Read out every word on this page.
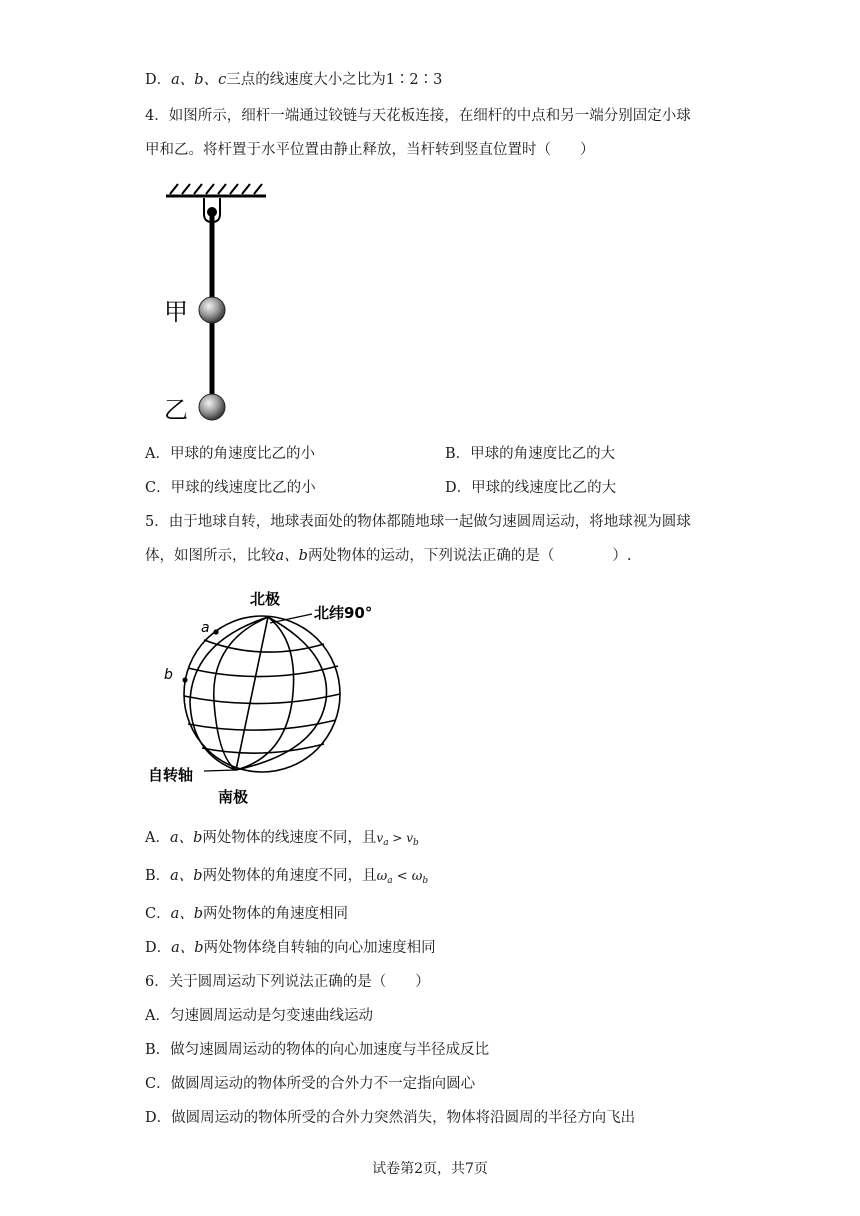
D．a、b、c三点的线速度大小之比为1∶2∶3
4．如图所示，细杆一端通过铰链与天花板连接，在细杆的中点和另一端分别固定小球
甲和乙。将杆置于水平位置由静止释放，当杆转到竖直位置时（　　）
甲
乙
A．甲球的角速度比乙的小	B．甲球的角速度比乙的大
C．甲球的线速度比乙的小	D．甲球的线速度比乙的大
5．由于地球自转，地球表面处的物体都随地球一起做匀速圆周运动，将地球视为圆球
体，如图所示，比较a、b两处物体的运动，下列说法正确的是（　　　　）.
北极
北纬90°
a
b
自转轴
南极
A．a、b两处物体的线速度不同，且$v_a > v_b$
B．a、b两处物体的角速度不同，且$\omega_a < \omega_b$
C．a、b两处物体的角速度相同
D．a、b两处物体绕自转轴的向心加速度相同
6．关于圆周运动下列说法正确的是（　　）
A．匀速圆周运动是匀变速曲线运动
B．做匀速圆周运动的物体的向心加速度与半径成反比
C．做圆周运动的物体所受的合外力不一定指向圆心
D．做圆周运动的物体所受的合外力突然消失，物体将沿圆周的半径方向飞出
试卷第2页，共7页
